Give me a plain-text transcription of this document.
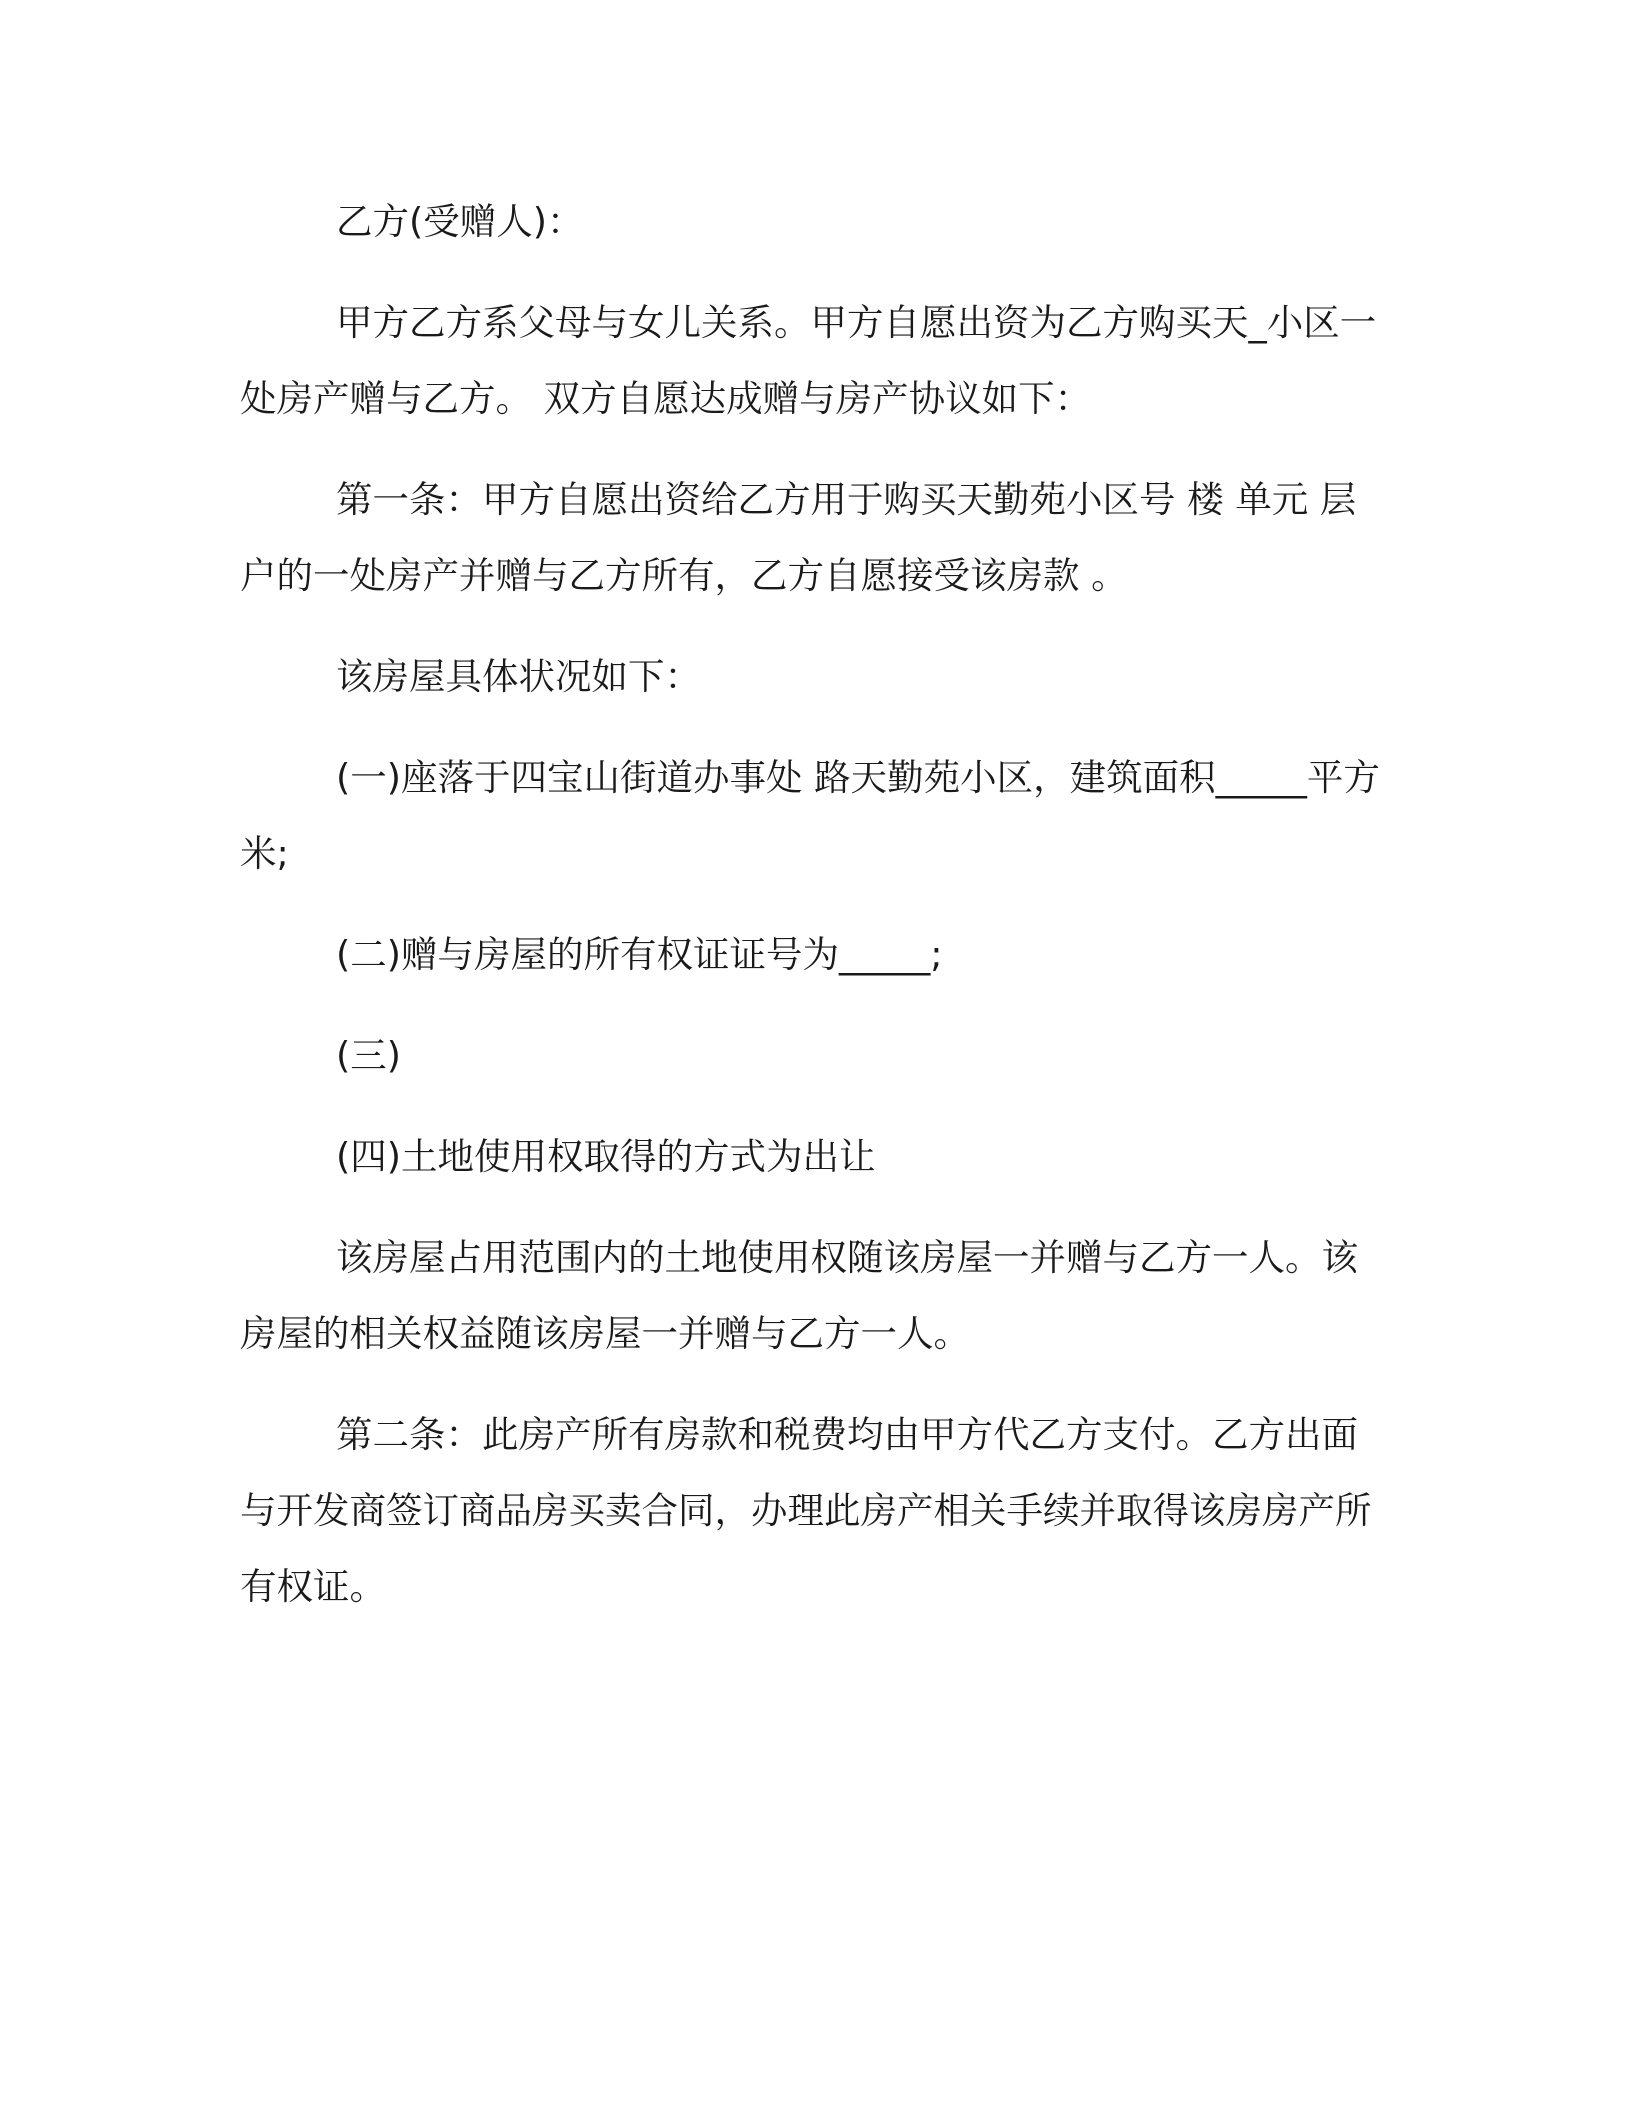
乙方(受赠人)：

甲方乙方系父母与女儿关系。甲方自愿出资为乙方购买天_小区一处房产赠与乙方。 双方自愿达成赠与房产协议如下：

第一条：甲方自愿出资给乙方用于购买天勤苑小区号 楼 单元 层户的一处房产并赠与乙方所有，乙方自愿接受该房款 。

该房屋具体状况如下：

(一)座落于四宝山街道办事处 路天勤苑小区，建筑面积_____平方米;

(二)赠与房屋的所有权证证号为_____;

(三)

(四)土地使用权取得的方式为出让

该房屋占用范围内的土地使用权随该房屋一并赠与乙方一人。该房屋的相关权益随该房屋一并赠与乙方一人。

第二条：此房产所有房款和税费均由甲方代乙方支付。乙方出面与开发商签订商品房买卖合同，办理此房产相关手续并取得该房房产所有权证。
